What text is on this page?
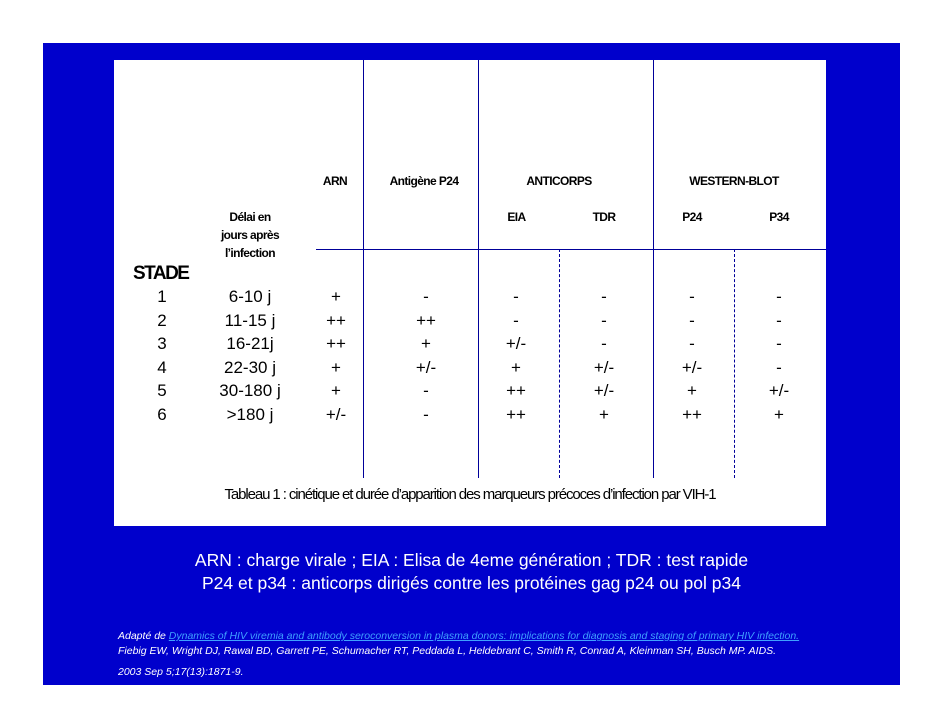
ARN	Antigène P24	ANTICORPS	WESTERN-BLOT
EIA	TDR	P24	P34
Délai en
jours après
l’infection
STADE
1	6-10 j	+	-	-	-	-	-
2	11-15 j	++	++	-	-	-	-
3	16-21j	++	+	+/-	-	-	-
4	22-30 j	+	+/-	+	+/-	+/-	-
5	30-180 j	+	-	++	+/-	+	+/-
6	>180 j	+/-	-	++	+	++	+
Tableau 1 : cinétique et durée d’apparition des marqueurs précoces d’infection par VIH-1
ARN : charge virale ; EIA : Elisa de 4eme génération ; TDR : test rapide
P24 et p34 : anticorps dirigés contre les protéines gag p24 ou pol p34
Adapté de Dynamics of HIV viremia and antibody seroconversion in plasma donors: implications for diagnosis and staging of primary HIV infection.
Fiebig EW, Wright DJ, Rawal BD, Garrett PE, Schumacher RT, Peddada L, Heldebrant C, Smith R, Conrad A, Kleinman SH, Busch MP. AIDS.
2003 Sep 5;17(13):1871-9.
